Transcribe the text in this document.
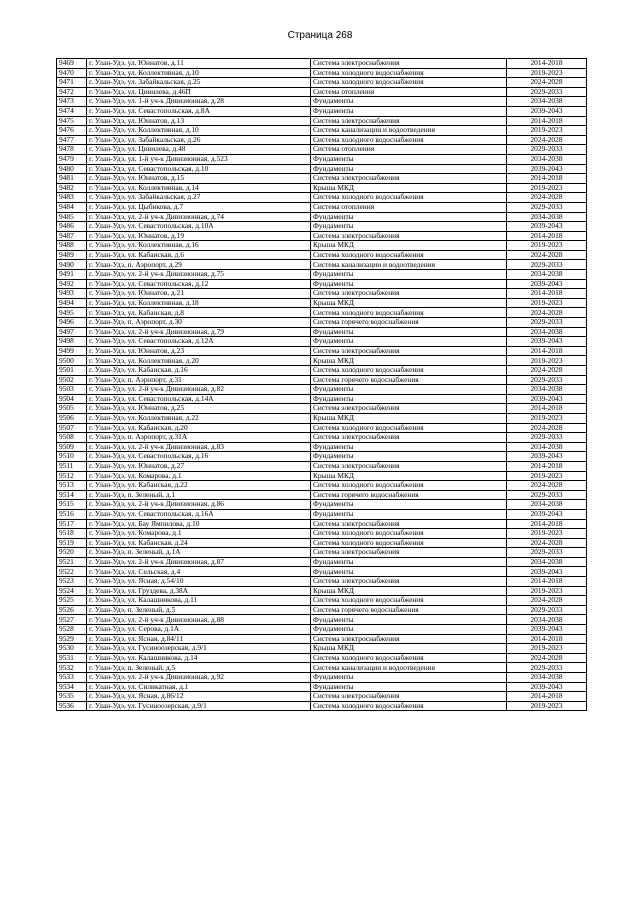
Страница 268
9469	г. Улан-Удэ, ул. Юннатов, д.11	Система электроснабжения	2014-2018
9470	г. Улан-Удэ, ул. Коллективная, д.10	Система холодного водоснабжения	2019-2023
9471	г. Улан-Удэ, ул. Забайкальская, д.25	Система холодного водоснабжения	2024-2028
9472	г. Улан-Удэ, ул. Цивилева, д.46П	Система отопления	2029-2033
9473	г. Улан-Удэ, ул. 1-й уч-к Дивизионная, д.28	Фундаменты	2034-2038
9474	г. Улан-Удэ, ул. Севастопольская, д.8А	Фундаменты	2039-2043
9475	г. Улан-Удэ, ул. Юннатов, д.13	Система электроснабжения	2014-2018
9476	г. Улан-Удэ, ул. Коллективная, д.10	Система канализации и водоотведения	2019-2023
9477	г. Улан-Удэ, ул. Забайкальская, д.26	Система холодного водоснабжения	2024-2028
9478	г. Улан-Удэ, ул. Цивилева, д.48	Система отопления	2029-2033
9479	г. Улан-Удэ, ул. 1-й уч-к Дивизионная, д.523	Фундаменты	2034-2038
9480	г. Улан-Удэ, ул. Севастопольская, д.10	Фундаменты	2039-2043
9481	г. Улан-Удэ, ул. Юннатов, д.15	Система электроснабжения	2014-2018
9482	г. Улан-Удэ, ул. Коллективная, д.14	Крыша МКД	2019-2023
9483	г. Улан-Удэ, ул. Забайкальская, д.27	Система холодного водоснабжения	2024-2028
9484	г. Улан-Удэ, ул. Цыбикова, д.7	Система отопления	2029-2033
9485	г. Улан-Удэ, ул. 2-й уч-к Дивизионная, д.74	Фундаменты	2034-2038
9486	г. Улан-Удэ, ул. Севастопольская, д.10А	Фундаменты	2039-2043
9487	г. Улан-Удэ, ул. Юннатов, д.19	Система электроснабжения	2014-2018
9488	г. Улан-Удэ, ул. Коллективная, д.16	Крыша МКД	2019-2023
9489	г. Улан-Удэ, ул. Кабанская, д.6	Система холодного водоснабжения	2024-2028
9490	г. Улан-Удэ, п. Аэропорт, д.29	Система канализации и водоотведения	2029-2033
9491	г. Улан-Удэ, ул. 2-й уч-к Дивизионная, д.75	Фундаменты	2034-2038
9492	г. Улан-Удэ, ул. Севастопольская, д.12	Фундаменты	2039-2043
9493	г. Улан-Удэ, ул. Юннатов, д.21	Система электроснабжения	2014-2018
9494	г. Улан-Удэ, ул. Коллективная, д.18	Крыша МКД	2019-2023
9495	г. Улан-Удэ, ул. Кабанская, д.8	Система холодного водоснабжения	2024-2028
9496	г. Улан-Удэ, п. Аэропорт, д.30	Система горячего водоснабжения	2029-2033
9497	г. Улан-Удэ, ул. 2-й уч-к Дивизионная, д.79	Фундаменты	2034-2038
9498	г. Улан-Удэ, ул. Севастопольская, д.12А	Фундаменты	2039-2043
9499	г. Улан-Удэ, ул. Юннатов, д.23	Система электроснабжения	2014-2018
9500	г. Улан-Удэ, ул. Коллективная, д.20	Крыша МКД	2019-2023
9501	г. Улан-Удэ, ул. Кабанская, д.16	Система холодного водоснабжения	2024-2028
9502	г. Улан-Удэ, п. Аэропорт, д.31	Система горячего водоснабжения	2029-2033
9503	г. Улан-Удэ, ул. 2-й уч-к Дивизионная, д.82	Фундаменты	2034-2038
9504	г. Улан-Удэ, ул. Севастопольская, д.14А	Фундаменты	2039-2043
9505	г. Улан-Удэ, ул. Юннатов, д.25	Система электроснабжения	2014-2018
9506	г. Улан-Удэ, ул. Коллективная, д.22	Крыша МКД	2019-2023
9507	г. Улан-Удэ, ул. Кабанская, д.20	Система холодного водоснабжения	2024-2028
9508	г. Улан-Удэ, п. Аэропорт, д.31А	Система электроснабжения	2029-2033
9509	г. Улан-Удэ, ул. 2-й уч-к Дивизионная, д.83	Фундаменты	2034-2038
9510	г. Улан-Удэ, ул. Севастопольская, д.16	Фундаменты	2039-2043
9511	г. Улан-Удэ, ул. Юннатов, д.27	Система электроснабжения	2014-2018
9512	г. Улан-Удэ, ул. Комарова, д.1	Крыша МКД	2019-2023
9513	г. Улан-Удэ, ул. Кабанская, д.22	Система холодного водоснабжения	2024-2028
9514	г. Улан-Удэ, п. Зеленый, д.1	Система горячего водоснабжения	2029-2033
9515	г. Улан-Удэ, ул. 2-й уч-к Дивизионная, д.86	Фундаменты	2034-2038
9516	г. Улан-Удэ, ул. Севастопольская, д.16А	Фундаменты	2039-2043
9517	г. Улан-Удэ, ул. Бау Ямпилова, д.10	Система электроснабжения	2014-2018
9518	г. Улан-Удэ, ул. Комарова, д.1	Система холодного водоснабжения	2019-2023
9519	г. Улан-Удэ, ул. Кабанская, д.24	Система холодного водоснабжения	2024-2028
9520	г. Улан-Удэ, п. Зеленый, д.1А	Система электроснабжения	2029-2033
9521	г. Улан-Удэ, ул. 2-й уч-к Дивизионная, д.87	Фундаменты	2034-2038
9522	г. Улан-Удэ, ул. Сельская, д.4	Фундаменты	2039-2043
9523	г. Улан-Удэ, ул. Ясная, д.54/10	Система электроснабжения	2014-2018
9524	г. Улан-Удэ, ул. Груздева, д.38А	Крыша МКД	2019-2023
9525	г. Улан-Удэ, ул. Калашникова, д.11	Система холодного водоснабжения	2024-2028
9526	г. Улан-Удэ, п. Зеленый, д.5	Система горячего водоснабжения	2029-2033
9527	г. Улан-Удэ, ул. 2-й уч-к Дивизионная, д.88	Фундаменты	2034-2038
9528	г. Улан-Удэ, ул. Серова, д.1А	Фундаменты	2039-2043
9529	г. Улан-Удэ, ул. Ясная, д.84/11	Система электроснабжения	2014-2018
9530	г. Улан-Удэ, ул. Гусиноозерская, д.9/1	Крыша МКД	2019-2023
9531	г. Улан-Удэ, ул. Калашникова, д.14	Система холодного водоснабжения	2024-2028
9532	г. Улан-Удэ, п. Зеленый, д.5	Система канализации и водоотведения	2029-2033
9533	г. Улан-Удэ, ул. 2-й уч-к Дивизионная, д.92	Фундаменты	2034-2038
9534	г. Улан-Удэ, ул. Силикатная, д.1	Фундаменты	2039-2043
9535	г. Улан-Удэ, ул. Ясная, д.86/12	Система электроснабжения	2014-2018
9536	г. Улан-Удэ, ул. Гусиноозерская, д.9/1	Система холодного водоснабжения	2019-2023
